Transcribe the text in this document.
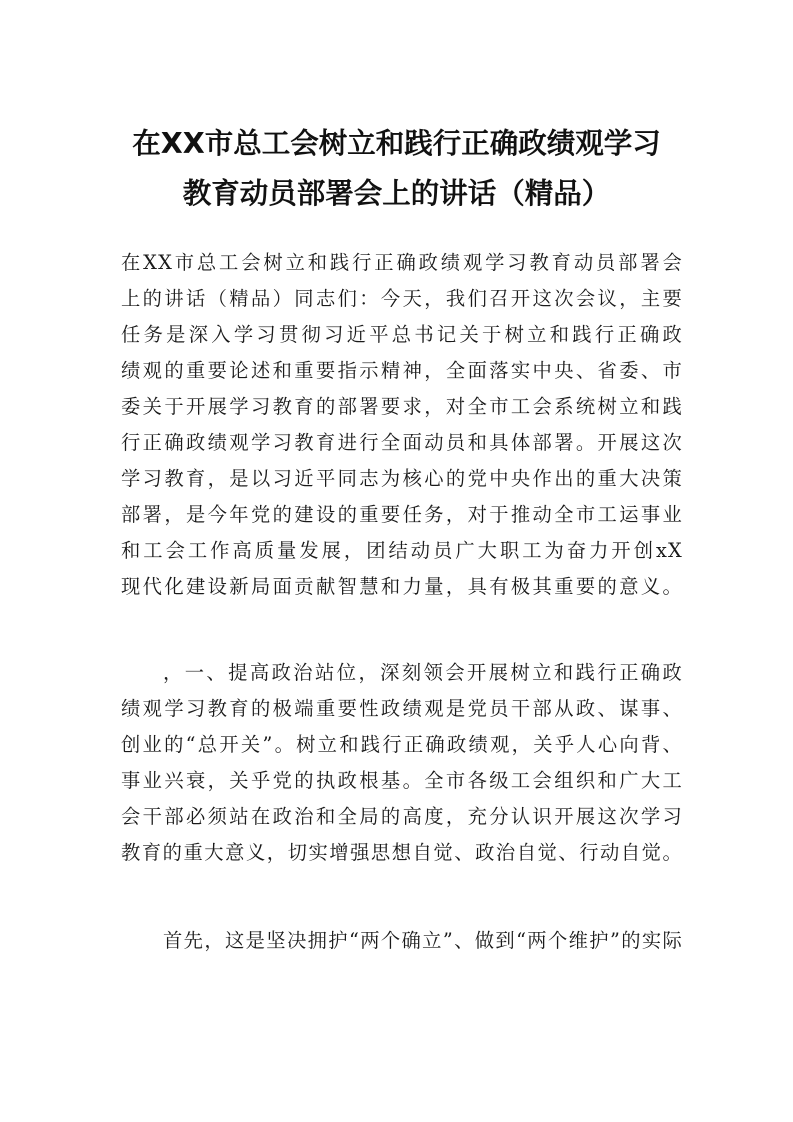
在XX市总工会树立和践行正确政绩观学习
教育动员部署会上的讲话（精品）

在XX市总工会树立和践行正确政绩观学习教育动员部署会

上的讲话（精品）同志们：今天，我们召开这次会议，主要

任务是深入学习贯彻习近平总书记关于树立和践行正确政

绩观的重要论述和重要指示精神，全面落实中央、省委、市

委关于开展学习教育的部署要求，对全市工会系统树立和践

行正确政绩观学习教育进行全面动员和具体部署。开展这次

学习教育，是以习近平同志为核心的党中央作出的重大决策

部署，是今年党的建设的重要任务，对于推动全市工运事业

和工会工作高质量发展，团结动员广大职工为奋力开创xX

现代化建设新局面贡献智慧和力量，具有极其重要的意义。

，一、提高政治站位，深刻领会开展树立和践行正确政

绩观学习教育的极端重要性政绩观是党员干部从政、谋事、

创业的“总开关”。树立和践行正确政绩观，关乎人心向背、

事业兴衰，关乎党的执政根基。全市各级工会组织和广大工

会干部必须站在政治和全局的高度，充分认识开展这次学习

教育的重大意义，切实增强思想自觉、政治自觉、行动自觉。

首先，这是坚决拥护“两个确立”、做到“两个维护”的实际
